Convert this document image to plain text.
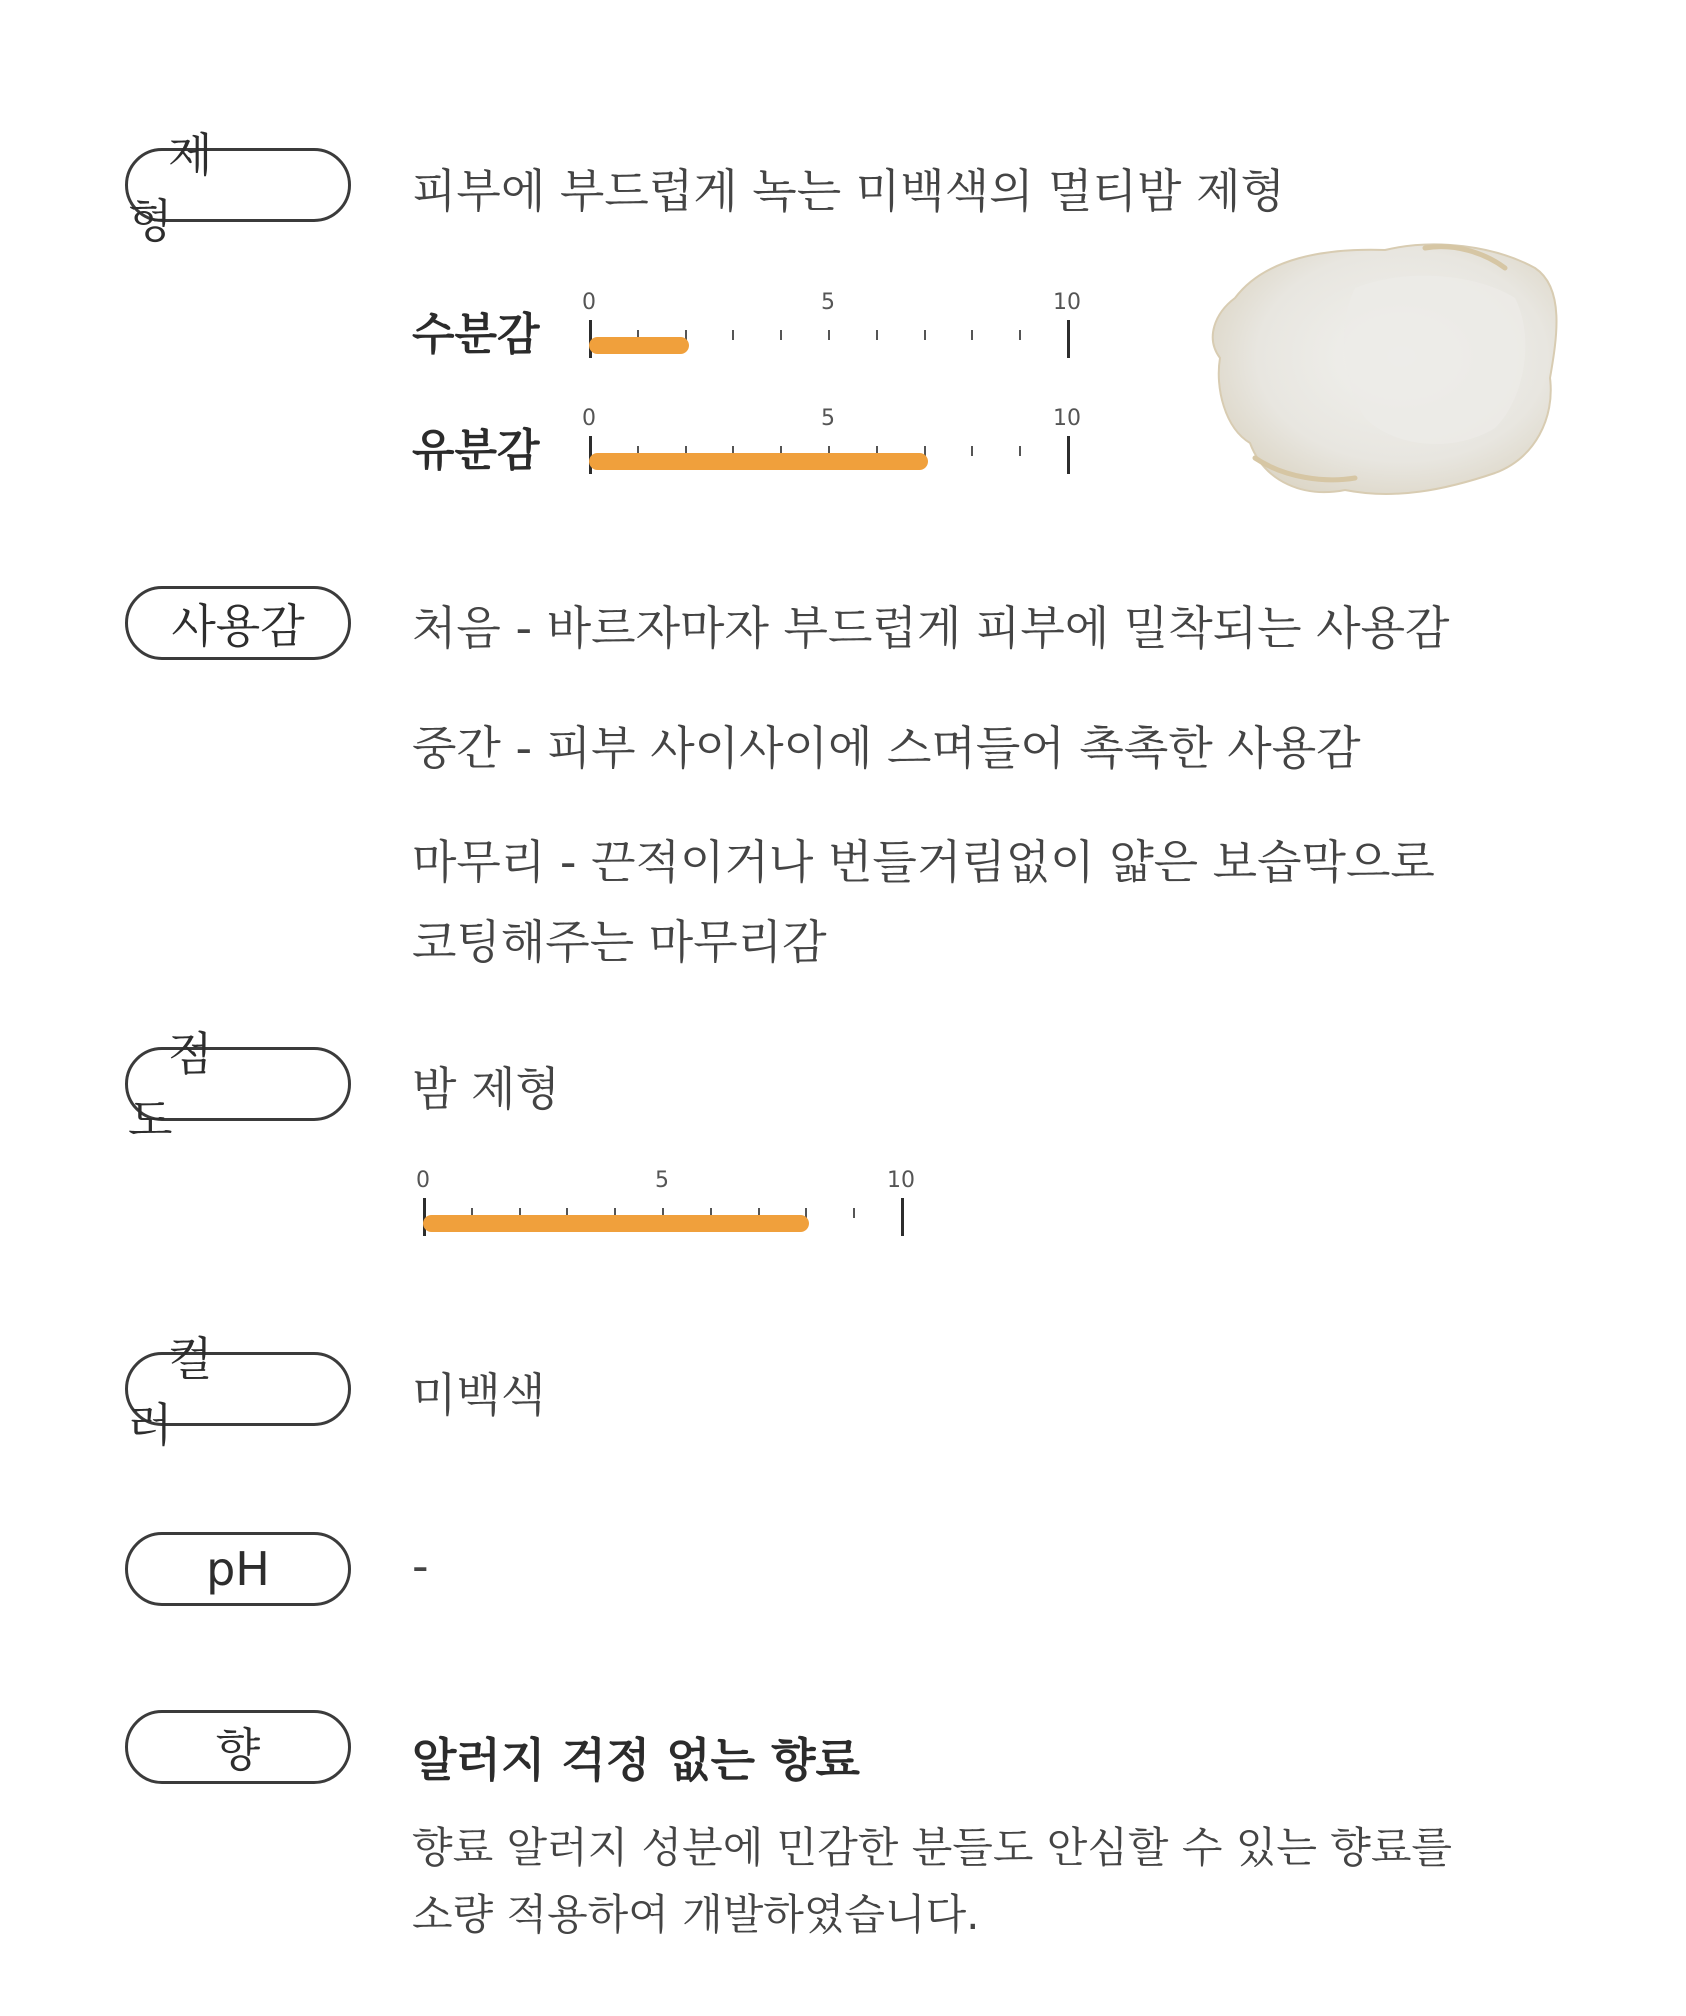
제 형
피부에 부드럽게 녹는 미백색의 멀티밤 제형
수분감
0	5	10
유분감
0	5	10
사용감 처음 - 바르자마자 부드럽게 피부에 밀착되는 사용감
중간 - 피부 사이사이에 스며들어 촉촉한 사용감
마무리 - 끈적이거나 번들거림없이 얇은 보습막으로
코팅해주는 마무리감
점 도
밤 제형
0	5	10
컬 러
미백색
pH	-
향	알러지 걱정 없는 향료
향료 알러지 성분에 민감한 분들도 안심할 수 있는 향료를
소량 적용하여 개발하였습니다.
